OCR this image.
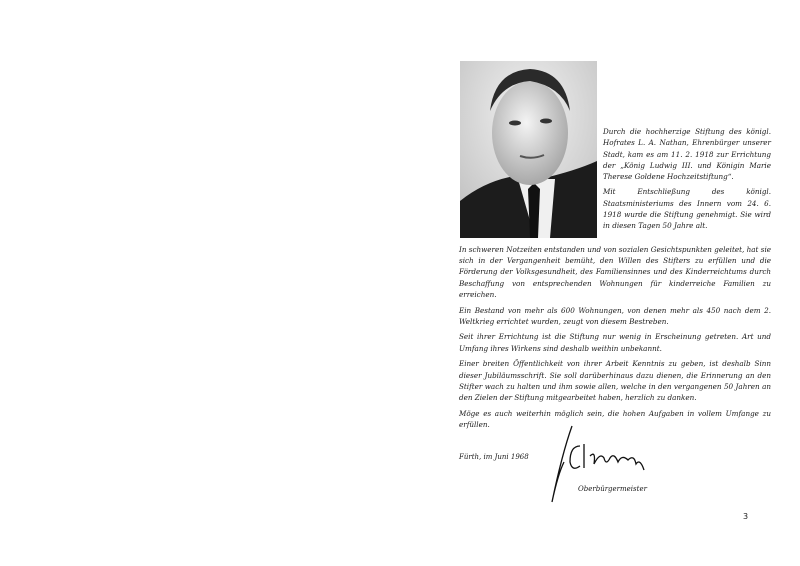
Durch die hochherzige Stiftung des königl. Hofrates L. A. Nathan, Ehrenbürger unserer Stadt, kam es am 11. 2. 1918 zur Errichtung der „König Ludwig III. und Königin Marie Therese Goldene Hochzeitstiftung“.

Mit Entschließung des königl. Staatsministeriums des Innern vom 24. 6. 1918 wurde die Stiftung genehmigt. Sie wird in diesen Tagen 50 Jahre alt.

In schweren Notzeiten entstanden und von sozialen Gesichtspunkten geleitet, hat sie sich in der Vergangenheit bemüht, den Willen des Stifters zu erfüllen und die Förderung der Volksgesundheit, des Familiensinnes und des Kinderreichtums durch Beschaffung von entsprechenden Wohnungen für kinderreiche Familien zu erreichen.

Ein Bestand von mehr als 600 Wohnungen, von denen mehr als 450 nach dem 2. Weltkrieg errichtet wurden, zeugt von diesem Bestreben.

Seit ihrer Errichtung ist die Stiftung nur wenig in Erscheinung getreten. Art und Umfang ihres Wirkens sind deshalb weithin unbekannt.

Einer breiten Öffentlichkeit von ihrer Arbeit Kenntnis zu geben, ist deshalb Sinn dieser Jubiläumsschrift. Sie soll darüberhinaus dazu dienen, die Erinnerung an den Stifter wach zu halten und ihm sowie allen, welche in den vergangenen 50 Jahren an den Zielen der Stiftung mitgearbeitet haben, herzlich zu danken.

Möge es auch weiterhin möglich sein, die hohen Aufgaben in vollem Umfange zu erfüllen.

Fürth, im Juni 1968
Oberbürgermeister
3
